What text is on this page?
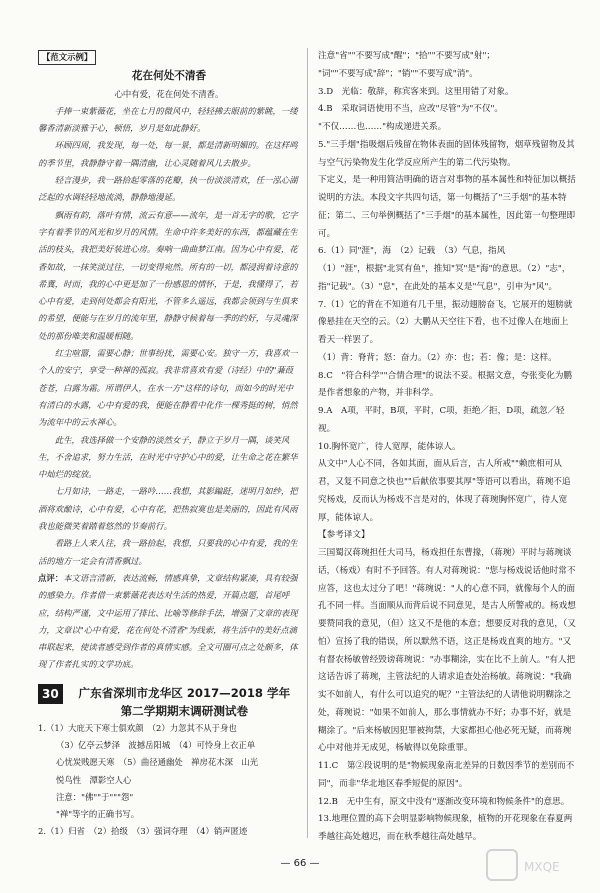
【 范文示例 】
花在何处不清香
心中有爱，花在何处不清香。

手捧一束紫薇花，坐在七月的微风中，轻轻拂去眼前的紫眺，一缕馨香清新淡雅于心，顿悟，岁月是如此静好。

环顾四周，我发现，每一处，每一景，都是清新明媚的。在这样鸣的季节里，我静静守着一隅清幽，让心灵随着风儿去散步。

轻言漫步，我一路拾起零落的花瓣，执一份淡淡清欢，任一泓心湖泛起的水调轻轻地流淌，静静地漫延。

飘雨有韵，落叶有情，流云有意——流年，是一首无字的歌，它字字有着季节的风光和岁月的风情。生命中许多美好的东西，都蕴藏在生活的枝头，我把美好装进心房。奏响一曲曲梦江南。因为心中有爱，花香如故，一抹笑淡过往，一切变得宛然。所有的一切，都浸润着诗意的希冀，时而，我的心中更是加了一份感恩的情怀，于是，我懂得了，若心中有爱，走到何处都会有阳光，不管多么遥远，我都会领到与生俱来的希望，便能与在岁月的流年里，静静守候着每一季的约好，与灵魂深处的那份唯美和温暖相随。

红尘喧嚣，需要心静；世事纷扰，需要心安。独守一方，我喜欢一个人的安宁，享受一种禅的孤寂。我非常喜欢有爱（诗经）中的"蒹葭苍苍，白露为霜。所谓伊人，在水一方"这样的诗句，而如今的时光中有清白的水露，心中有爱的我，便能在静看中化作一棵秀挺的树，悄然为流年中的云水禅心。

此生，我选择做一个安静的淡然女子，静立于岁月一隅，谈笑风生，不舍追求，努力生活，在时光中守护心中的爱，让生命之花在繁华中灿烂的绽放。

七月如诗，一路走，一路吟……我想，其影蹁跹，迷明月如纱，把酒将欢酿诗，心中有爱，心中有花，把热寂寞也是美丽的，因此有风雨我也能微笑着踏着悠然的节奏前行。

看路上人来人往，我一路拾起，我想，只要我的心中有爱，我的生活的地方一定会有清香飘过。

点评：本文语言清新，表达流畅，情感真挚，文章结构紧凑，具有较强的感染力。作者借一束紫薇花表达对生活的热爱，开篇点题，首尾呼应，结构严谨，文中运用了排比、比喻等修辞手法，增强了文章的表现力，文章以"心中有爱，花在何处不清香"为线索，将生活中的美好点滴串联起来，使读者感受到作者的真情实感。全文可圈可点之处颇多，体现了作者扎实的文学功底。

30	广东省深圳市龙华区 2017—2018 学年
第二学期期末调研测试卷
1.（1）大庇天下寒士俱欢颜　（2）力忽其不从于身也
（3）亿亭云梦泽　波撼岳阳城　（4）可怜身上衣正单
心忧炭贱愿天寒　（5）曲径通幽处　禅房花木深　山光
悦鸟性　潭影空人心
注意："佛""于"""怨"
"禅"等字的正确书写。
2.（1）归省　（2）拾级　（3）强词夺理　（4）销声匿迹
注意"省""不要写成"醒"；"拾""不要写成"射"；
"词""不要写成"辞"；"销""不要写成"消"。
3.D　光临：敬辞，称宾客来到。这里用错了对象。
4.B　采取词语使用不当，应改"尽管"为"不仅"。
"不仅……也……"构成递进关系。
5."三手烟"指吸烟后残留在物体表面的固体残留物，烟草残留物及其与空气污染物发生化学反应所产生的第二代污染物。
下定义，是一种用简洁明确的语言对事物的基本属性和特征加以概括说明的方法。本段文字共四句话，第一句概括了"三手烟"的基本特征；第二、三句举例概括了"三手烟"的基本属性，因此第一句整理即可。
6.（1）同"涯"，海　（2）记载　（3）气息，指风
（1）"涯"，根据"北冥有鱼"，推知"冥"是"海"的意思。（2）"志"，指"记载"。（3）"息"，在此处的基本义是"气息"，引申为"风"。
7.（1）它的背在不知道有几千里，振动翅膀奋飞，它展开的翅膀就像悬挂在天空的云。（2）大鹏从天空往下看，也不过像人在地面上看天一样罢了。
（1）背：脊背；怒：奋力。（2）亦：也；若：像；是：这样。
8.C　"符合科学""合情合理"的说法不妥。根据文意，夸张变化为鹏是作者想象的产物，并非科学。
9.A　A项，平时，B项，平时，C项，拒绝／拒，D项，疏忽／轻视。
10.胸怀宽广，待人宽厚，能体谅人。
从文中"人心不同，各如其面，面从后言，古人所戒""赖庶相可从君，又复不同意之快也""后献依事要其厚"等语可以看出，蒋琬不追究杨戏，反而认为杨戏不言是对的，体现了蒋琬胸怀宽广，待人宽厚，能体谅人。
【参考译文】
三国蜀汉蒋琬担任大司马，杨戏担任东曹掾，（蒋琬）平时与蒋琬谈话，（杨戏）有时不予回答。有人对蒋琬说："您与杨戏说话他时常不应答，这也太过分了吧！"蒋琬说："人的心意不同，就像每个人的面孔不同一样。当面顺从而背后说不同意见，是古人所警戒的。杨戏想要赞同我的意见，（但）这又不是他的本意；想要反对我的意见，（又怕）宣扬了我的错误，所以默然不语，这正是杨戏直爽的地方。"又有督农杨敏曾经毁谤蒋琬说："办事糊涂，实在比不上前人。"有人把这话告诉了蒋琬，主管法纪的人请求追查处治杨敏。蒋琬说："我确实不如前人，有什么可以追究的呢？"主管法纪的人请他说明糊涂之处，蒋琬说："如果不如前人，那么事情就办不好；办事不好，就是糊涂了。"后来杨敏因犯罪被拘禁，大家都担心他必死无疑，而蒋琬心中对他并无成见，杨敏得以免除重罪。
11.C　第②段说明的是"物候现象南北差异的日数因季节的差别而不同"，而非"华北地区春季短促的原因"。
12.B　无中生有，原文中没有"逐渐改变环境和物候条件"的意思。
13.地理位置的高下会明显影响物候现象，植物的开花现象在春夏两季越往高处越迟，而在秋季越往高处越早。
— 66 —	MXQE
